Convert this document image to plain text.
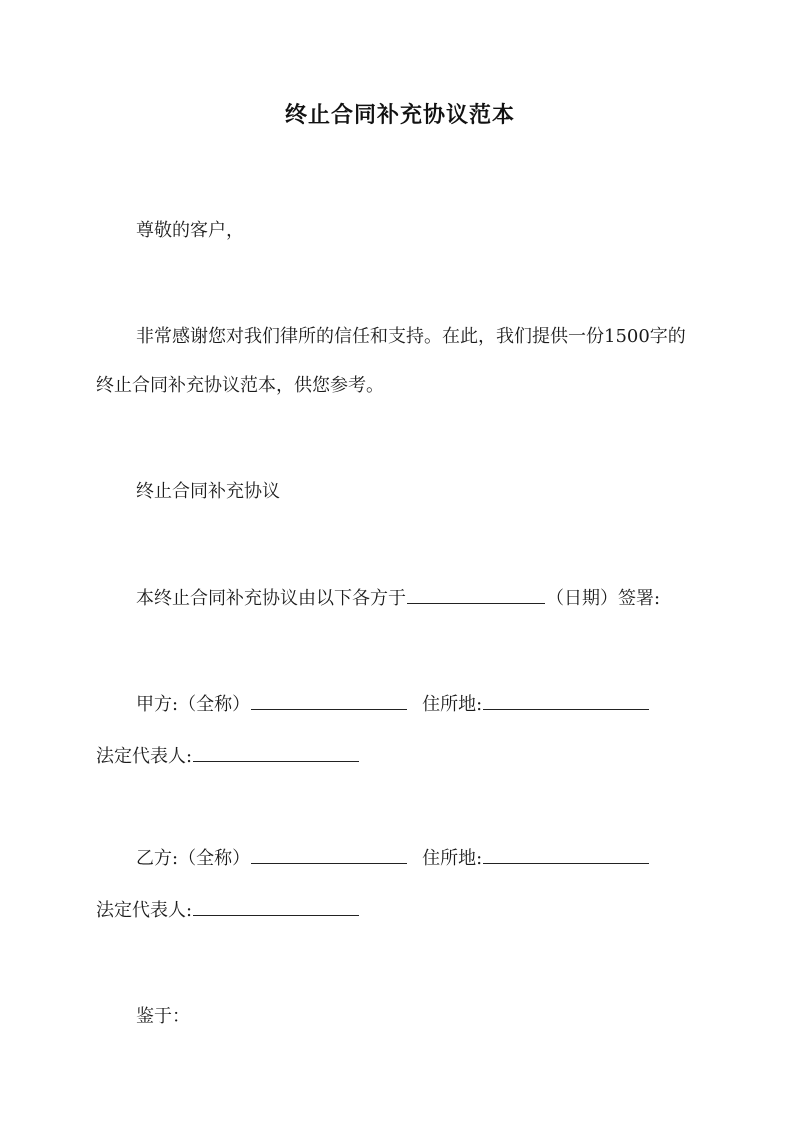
终止合同补充协议范本
尊敬的客户，
非常感谢您对我们律所的信任和支持。在此，我们提供一份1500字的
终止合同补充协议范本，供您参考。
终止合同补充协议
本终止合同补充协议由以下各方于	（日期）签署:
甲方:（全称）	住所地:
法定代表人:
乙方:（全称）	住所地:
法定代表人:
鉴于：
